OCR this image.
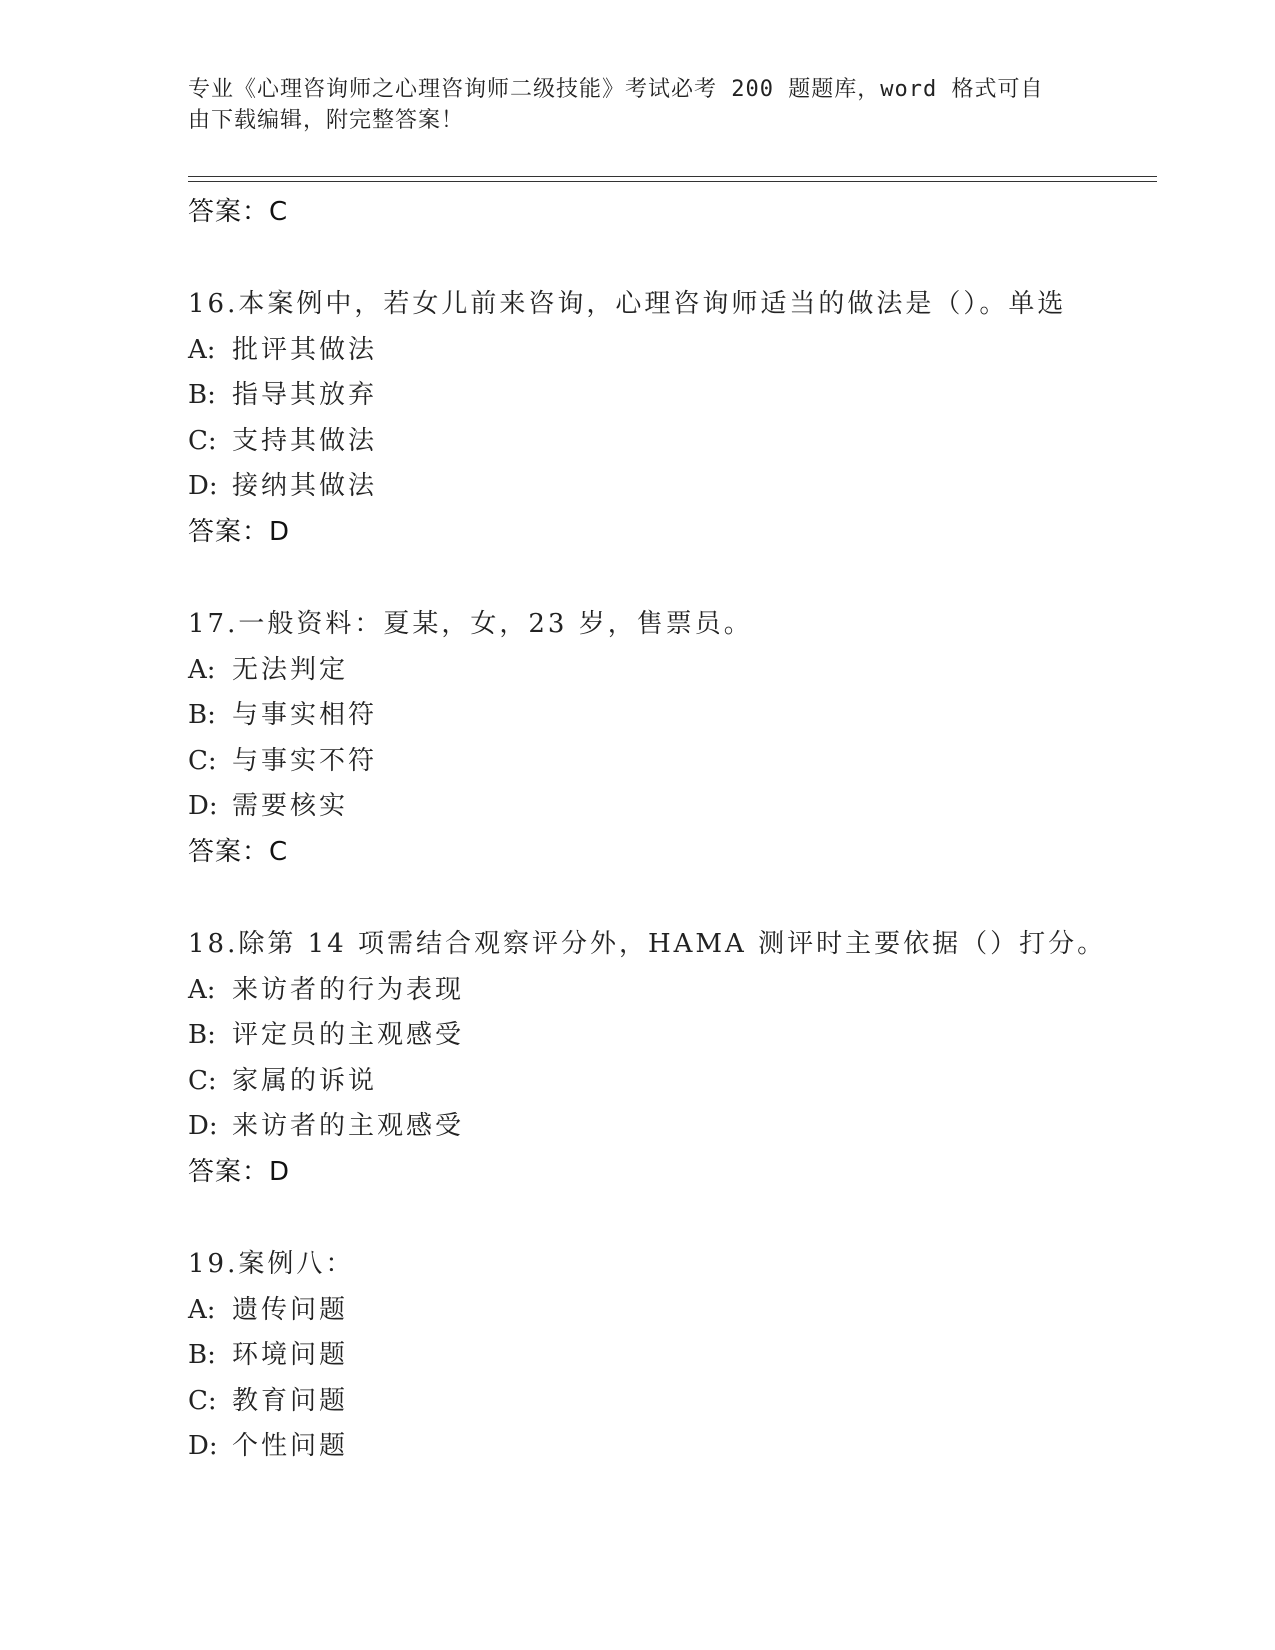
专业《心理咨询师之心理咨询师二级技能》考试必考 200 题题库，word 格式可自
由下载编辑，附完整答案！
答案：C
16.本案例中，若女儿前来咨询，心理咨询师适当的做法是（）。单选
A: 批评其做法
B: 指导其放弃
C: 支持其做法
D: 接纳其做法
答案：D
17.一般资料：夏某，女，23 岁，售票员。
A: 无法判定
B: 与事实相符
C: 与事实不符
D: 需要核实
答案：C
18.除第 14 项需结合观察评分外，HAMA 测评时主要依据（）打分。
A: 来访者的行为表现
B: 评定员的主观感受
C: 家属的诉说
D: 来访者的主观感受
答案：D
19.案例八：
A: 遗传问题
B: 环境问题
C: 教育问题
D: 个性问题
